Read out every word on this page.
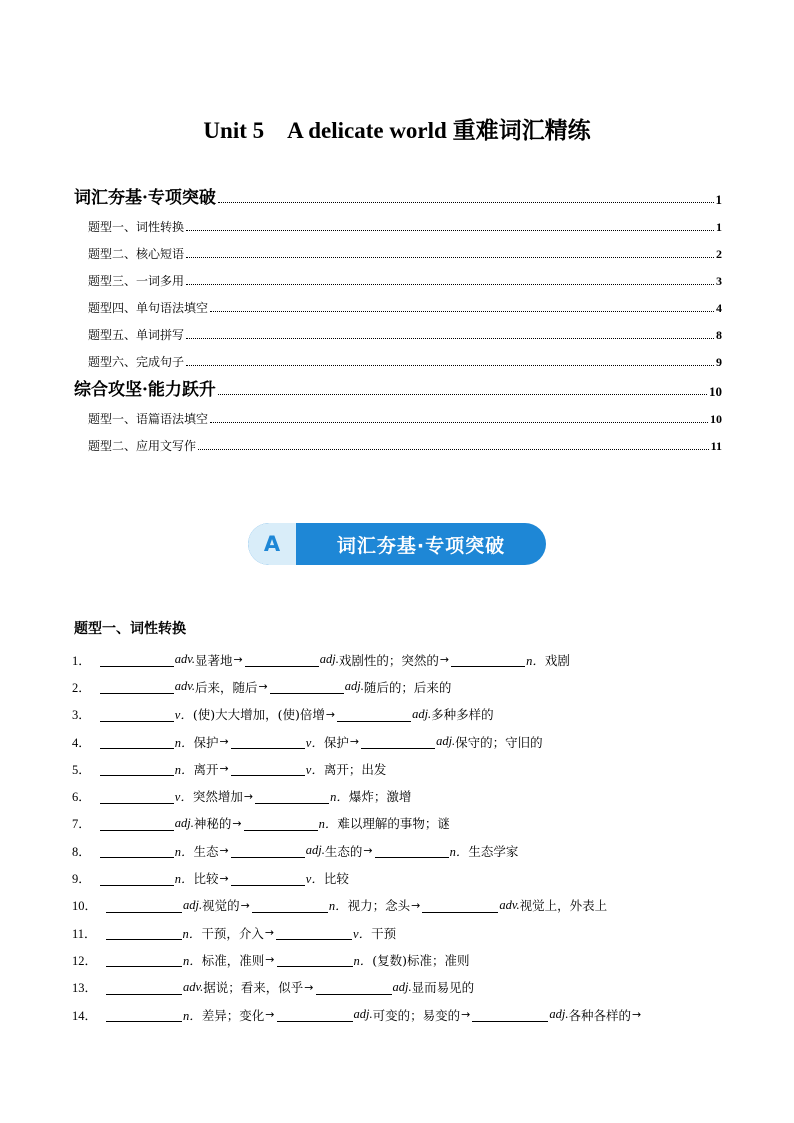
Unit 5　A delicate world 重难词汇精练
词汇夯基·专项突破	1
题型一、词性转换	1
题型二、核心短语	2
题型三、一词多用	3
题型四、单句语法填空	4
题型五、单词拼写	8
题型六、完成句子	9
综合攻坚·能力跃升	10
题型一、语篇语法填空	10
题型二、应用文写作	11
A	词汇夯基·专项突破
题型一、词性转换
1．	adv. 显著地 →	adj. 戏剧性的；突然的 →	n． 戏剧
2．	adv. 后来，随后 →	adj. 随后的；后来的
3．	v． (使)大大增加，(使)倍增 →	adj. 多种多样的
4．	n． 保护 →	v． 保护 →	adj. 保守的；守旧的
5．	n． 离开 →	v． 离开；出发
6．	v． 突然增加 →	n． 爆炸；激增
7．	adj. 神秘的 →	n． 难以理解的事物；谜
8．	n． 生态 →	adj. 生态的 →	n． 生态学家
9．	n． 比较 →	v． 比较
10．	adj. 视觉的 →	n． 视力；念头 →	adv. 视觉上，外表上
11．	n． 干预，介入 →	v． 干预
12．	n． 标准，准则 →	n． (复数)标准；准则
13．	adv. 据说；看来，似乎 →	adj. 显而易见的
14．	n． 差异；变化 →	adj. 可变的；易变的 →	adj. 各种各样的 →
